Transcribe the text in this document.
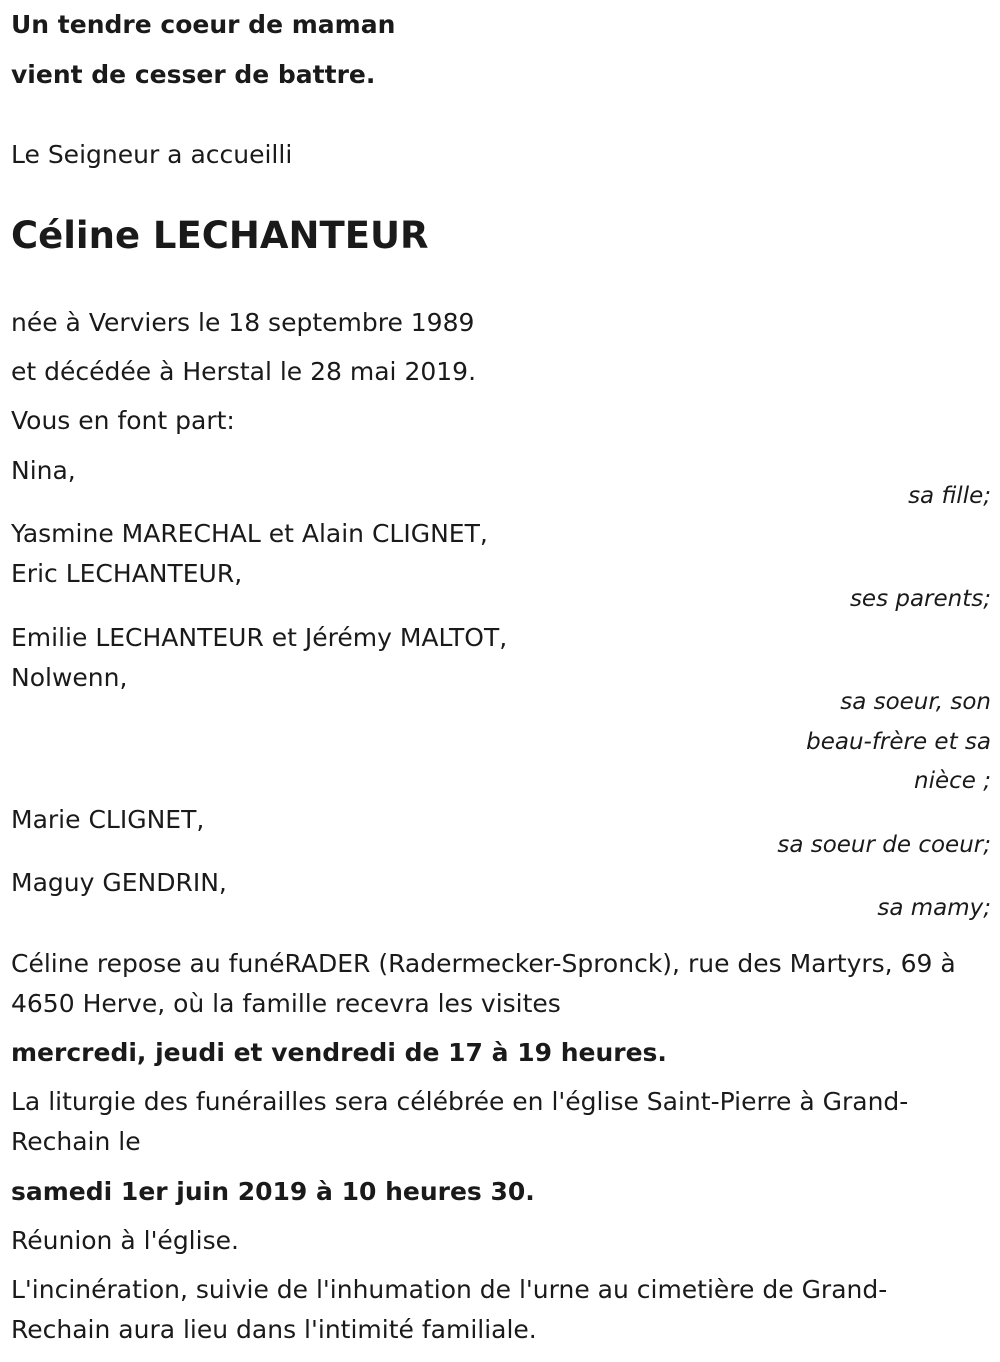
Un tendre coeur de maman
vient de cesser de battre.
Le Seigneur a accueilli
Céline LECHANTEUR
née à Verviers le 18 septembre 1989
et décédée à Herstal le 28 mai 2019.
Vous en font part:
Nina,
sa fille;
Yasmine MARECHAL et Alain CLIGNET,
Eric LECHANTEUR,
ses parents;
Emilie LECHANTEUR et Jérémy MALTOT,
Nolwenn,
sa soeur, son
beau-frère et sa
nièce ;
Marie CLIGNET,
sa soeur de coeur;
Maguy GENDRIN,
sa mamy;
Céline repose au funéRADER (Radermecker-Spronck), rue des Martyrs, 69 à 4650 Herve, où la famille recevra les visites
mercredi, jeudi et vendredi de 17 à 19 heures.
La liturgie des funérailles sera célébrée en l'église Saint-Pierre à Grand-Rechain le
samedi 1er juin 2019 à 10 heures 30.
Réunion à l'église.
L'incinération, suivie de l'inhumation de l'urne au cimetière de Grand-Rechain aura lieu dans l'intimité familiale.
